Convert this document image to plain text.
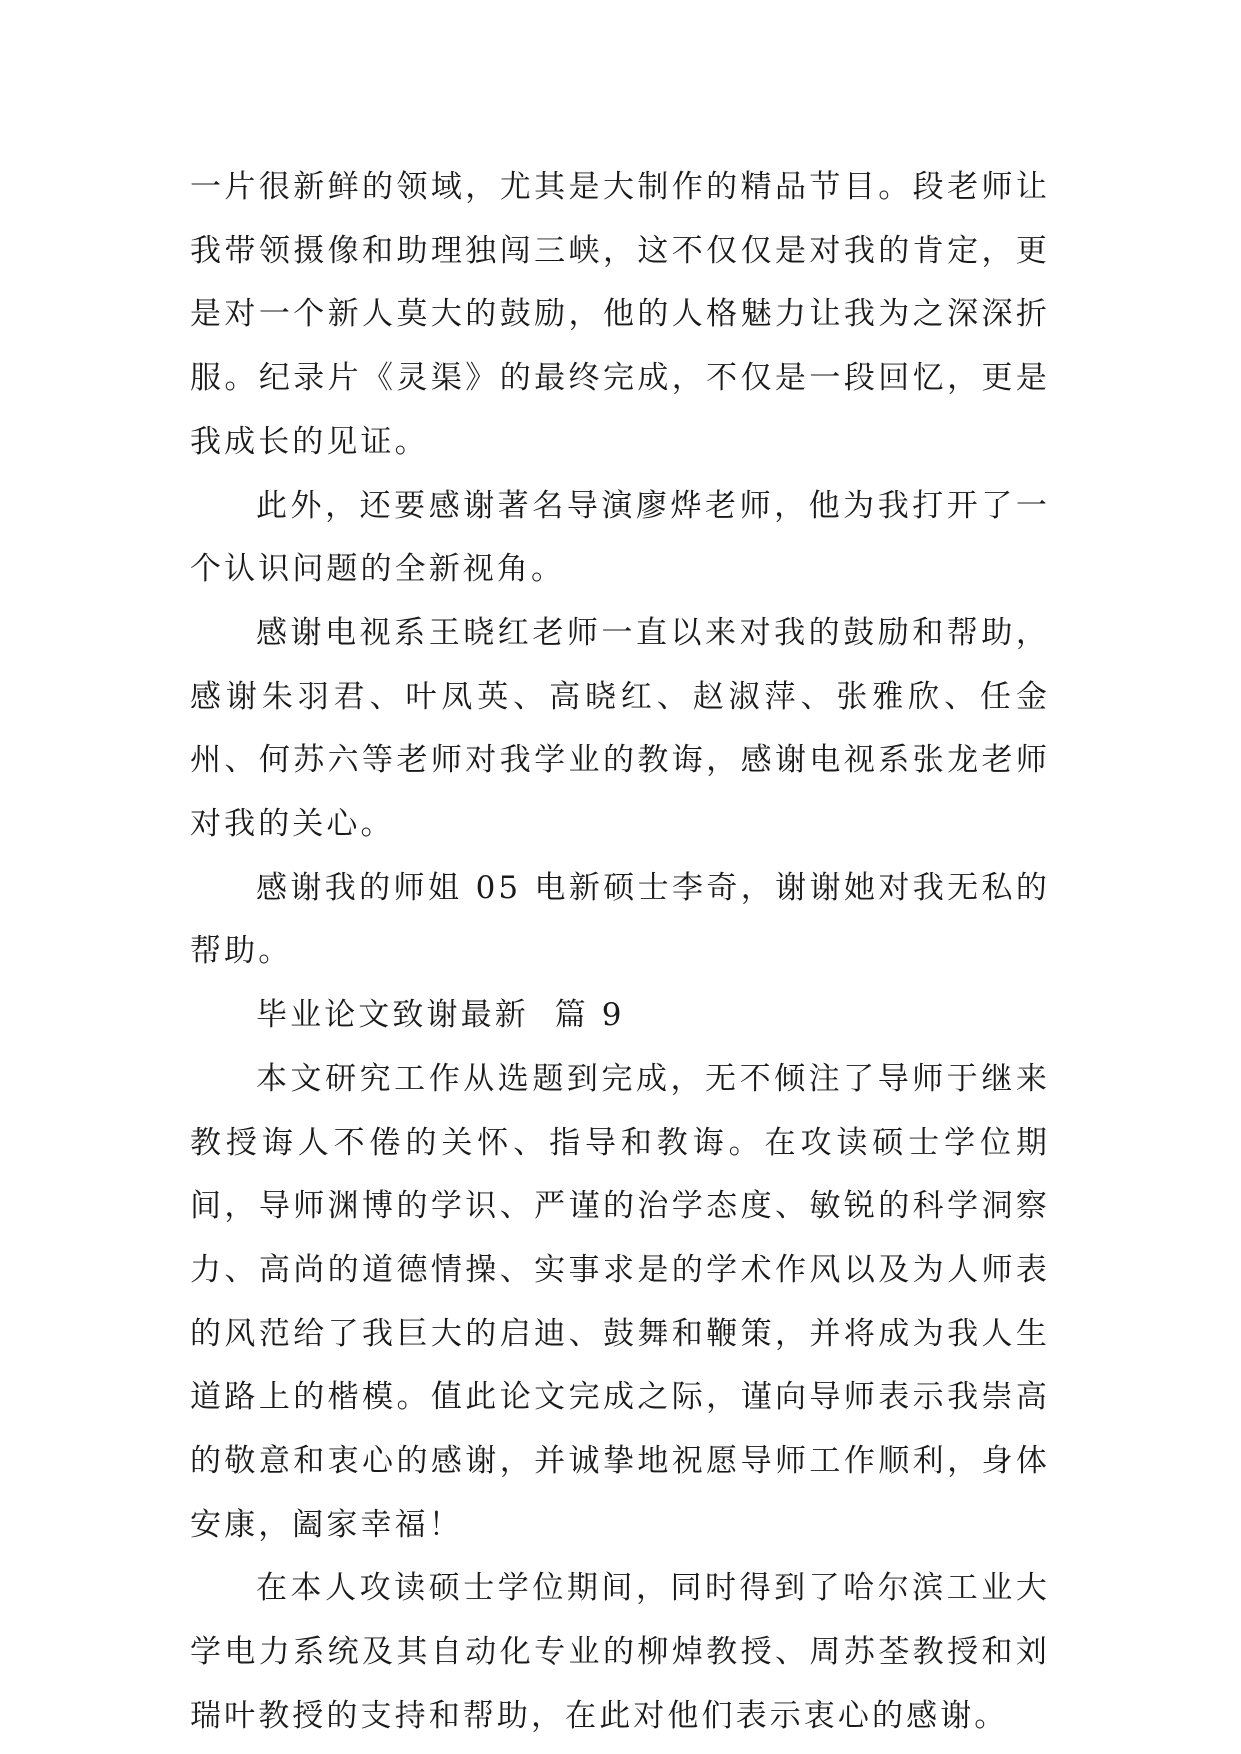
一片很新鲜的领域，尤其是大制作的精品节目。段老师让我带领摄像和助理独闯三峡，这不仅仅是对我的肯定，更是对一个新人莫大的鼓励，他的人格魅力让我为之深深折服。纪录片《灵渠》的最终完成，不仅是一段回忆，更是我成长的见证。

此外，还要感谢著名导演廖烨老师，他为我打开了一个认识问题的全新视角。

感谢电视系王晓红老师一直以来对我的鼓励和帮助，感谢朱羽君、叶凤英、高晓红、赵淑萍、张雅欣、任金州、何苏六等老师对我学业的教诲，感谢电视系张龙老师对我的关心。

感谢我的师姐 05 电新硕士李奇，谢谢她对我无私的帮助。

毕业论文致谢最新  篇 9

本文研究工作从选题到完成，无不倾注了导师于继来教授诲人不倦的关怀、指导和教诲。在攻读硕士学位期间，导师渊博的学识、严谨的治学态度、敏锐的科学洞察力、高尚的道德情操、实事求是的学术作风以及为人师表的风范给了我巨大的启迪、鼓舞和鞭策，并将成为我人生道路上的楷模。值此论文完成之际，谨向导师表示我崇高的敬意和衷心的感谢，并诚挚地祝愿导师工作顺利，身体安康，阖家幸福！

在本人攻读硕士学位期间，同时得到了哈尔滨工业大学电力系统及其自动化专业的柳焯教授、周苏荃教授和刘瑞叶教授的支持和帮助，在此对他们表示衷心的感谢。
